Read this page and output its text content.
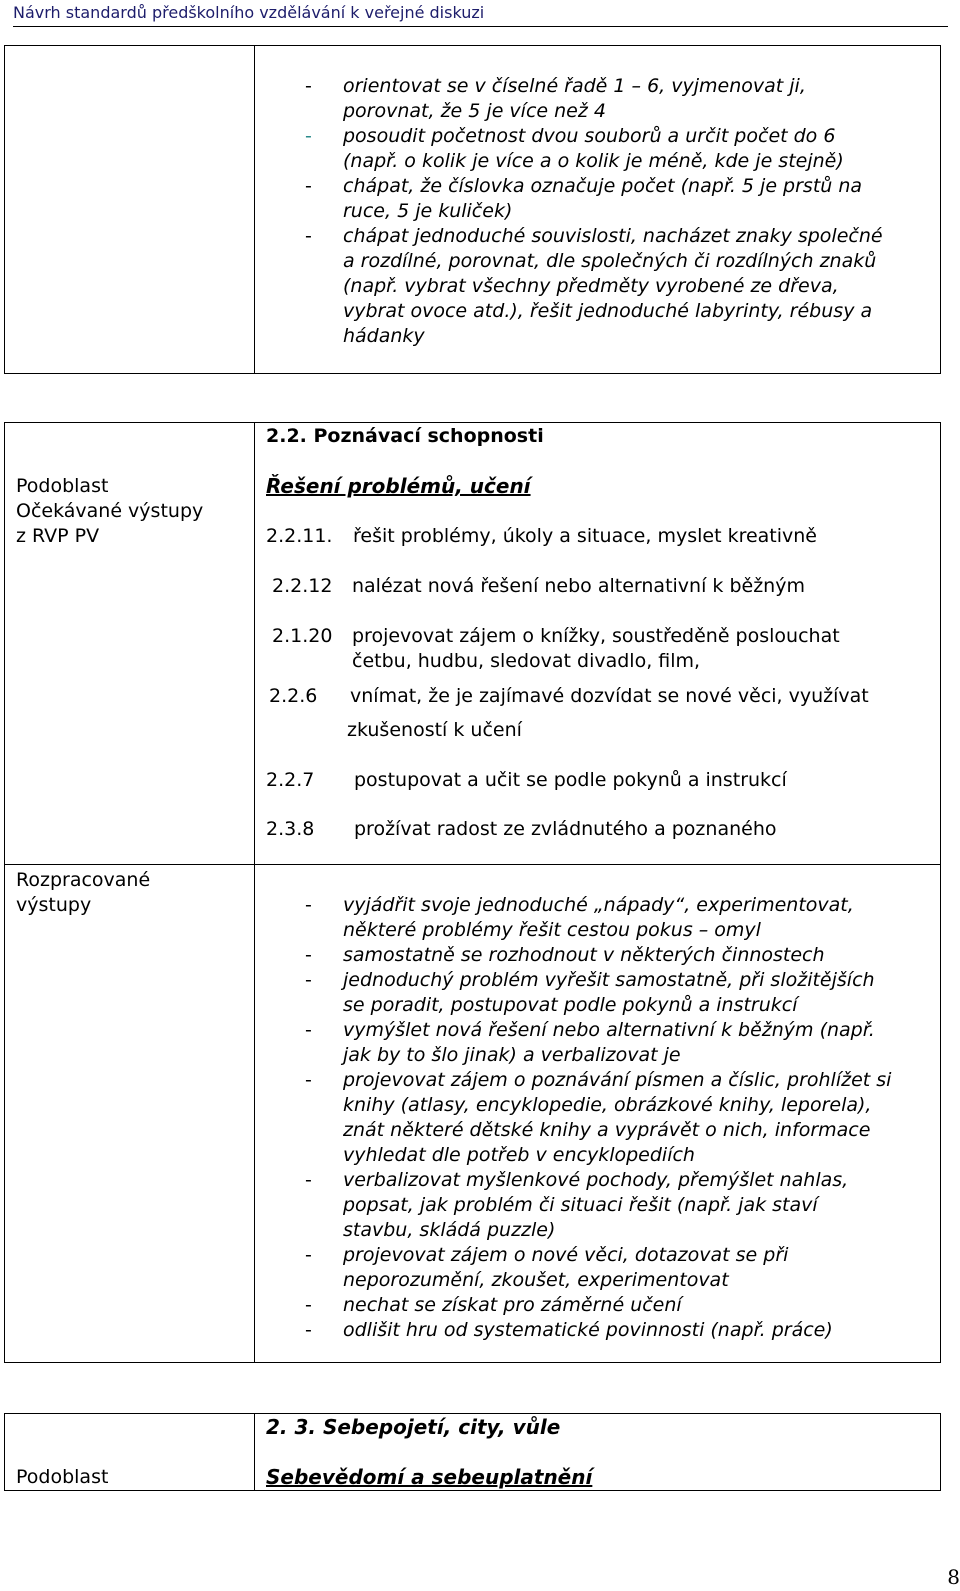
Návrh standardů předškolního vzdělávání k veřejné diskuzi
- orientovat se v číselné řadě 1 – 6, vyjmenovat ji,
porovnat, že 5 je více než 4
- posoudit početnost dvou souborů a určit počet do 6
(např. o kolik je více a o kolik je méně, kde je stejně)
- chápat, že číslovka označuje počet (např. 5 je prstů na
ruce, 5 je kuliček)
- chápat jednoduché souvislosti, nacházet znaky společné
a rozdílné, porovnat, dle společných či rozdílných znaků
(např. vybrat všechny předměty vyrobené ze dřeva,
vybrat ovoce atd.), řešit jednoduché labyrinty, rébusy a
hádanky
2.2. Poznávací schopnosti
Podoblast
Očekávané výstupy
z RVP PV
Řešení problémů, učení
2.2.11. řešit problémy, úkoly a situace, myslet kreativně
2.2.12 nalézat nová řešení nebo alternativní k běžným
2.1.20 projevovat zájem o knížky, soustředěně poslouchat
četbu, hudbu, sledovat divadlo, film,
2.2.6 vnímat, že je zajímavé dozvídat se nové věci, využívat
zkušeností k učení
2.2.7 postupovat a učit se podle pokynů a instrukcí
2.3.8 prožívat radost ze zvládnutého a poznaného
Rozpracované
výstupy	- vyjádřit svoje jednoduché „nápady“, experimentovat,
některé problémy řešit cestou pokus – omyl
- samostatně se rozhodnout v některých činnostech
- jednoduchý problém vyřešit samostatně, při složitějších
se poradit, postupovat podle pokynů a instrukcí
- vymýšlet nová řešení nebo alternativní k běžným (např.
jak by to šlo jinak) a verbalizovat je
- projevovat zájem o poznávání písmen a číslic, prohlížet si
knihy (atlasy, encyklopedie, obrázkové knihy, leporela),
znát některé dětské knihy a vyprávět o nich, informace
vyhledat dle potřeb v encyklopediích
- verbalizovat myšlenkové pochody, přemýšlet nahlas,
popsat, jak problém či situaci řešit (např. jak staví
stavbu, skládá puzzle)
- projevovat zájem o nové věci, dotazovat se při
neporozumění, zkoušet, experimentovat
- nechat se získat pro záměrné učení
- odlišit hru od systematické povinnosti (např. práce)
2. 3. Sebepojetí, city, vůle
Podoblast	Sebevědomí a sebeuplatnění
8
